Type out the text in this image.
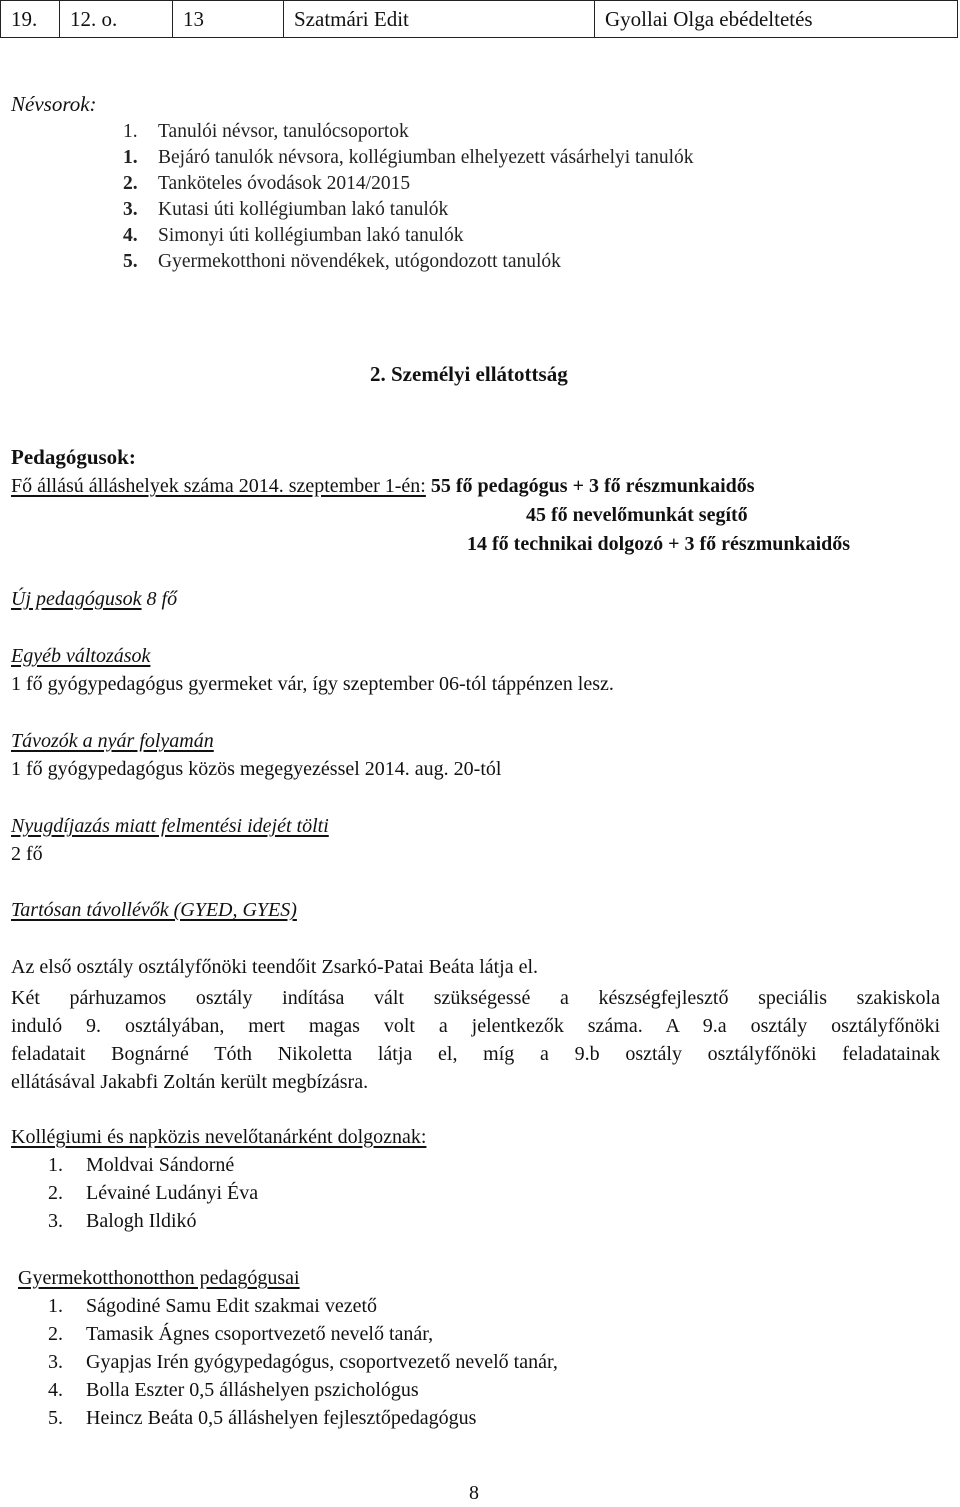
19.	12. o.	13	Szatmári Edit	Gyollai Olga ebédeltetés
Névsorok:
1. Tanulói névsor, tanulócsoportok
1. Bejáró tanulók névsora, kollégiumban elhelyezett vásárhelyi tanulók
2. Tanköteles óvodások 2014/2015
3. Kutasi úti kollégiumban lakó tanulók
4. Simonyi úti kollégiumban lakó tanulók
5. Gyermekotthoni növendékek, utógondozott tanulók
2. Személyi ellátottság
Pedagógusok:
Fő állású álláshelyek száma 2014. szeptember 1-én: 55 fő pedagógus + 3 fő részmunkaidős
45 fő nevelőmunkát segítő
14 fő technikai dolgozó + 3 fő részmunkaidős
Új pedagógusok 8 fő
Egyéb változások
1 fő gyógypedagógus gyermeket vár, így szeptember 06-tól táppénzen lesz.
Távozók a nyár folyamán
1 fő gyógypedagógus közös megegyezéssel 2014. aug. 20-tól
Nyugdíjazás miatt felmentési idejét tölti
2 fő
Tartósan távollévők (GYED, GYES)
Az első osztály osztályfőnöki teendőit Zsarkó-Patai Beáta látja el.
Két párhuzamos osztály indítása vált szükségessé a készségfejlesztő speciális szakiskola
induló 9. osztályában, mert magas volt a jelentkezők száma. A 9.a osztály osztályfőnöki
feladatait Bognárné Tóth Nikoletta látja el, míg a 9.b osztály osztályfőnöki feladatainak
ellátásával Jakabfi Zoltán került megbízásra.
Kollégiumi és napközis nevelőtanárként dolgoznak:
1. Moldvai Sándorné
2. Lévainé Ludányi Éva
3. Balogh Ildikó
Gyermekotthonotthon pedagógusai
1. Ságodiné Samu Edit szakmai vezető
2. Tamasik Ágnes csoportvezető nevelő tanár,
3. Gyapjas Irén gyógypedagógus, csoportvezető nevelő tanár,
4. Bolla Eszter 0,5 álláshelyen pszichológus
5. Heincz Beáta 0,5 álláshelyen fejlesztőpedagógus
8
